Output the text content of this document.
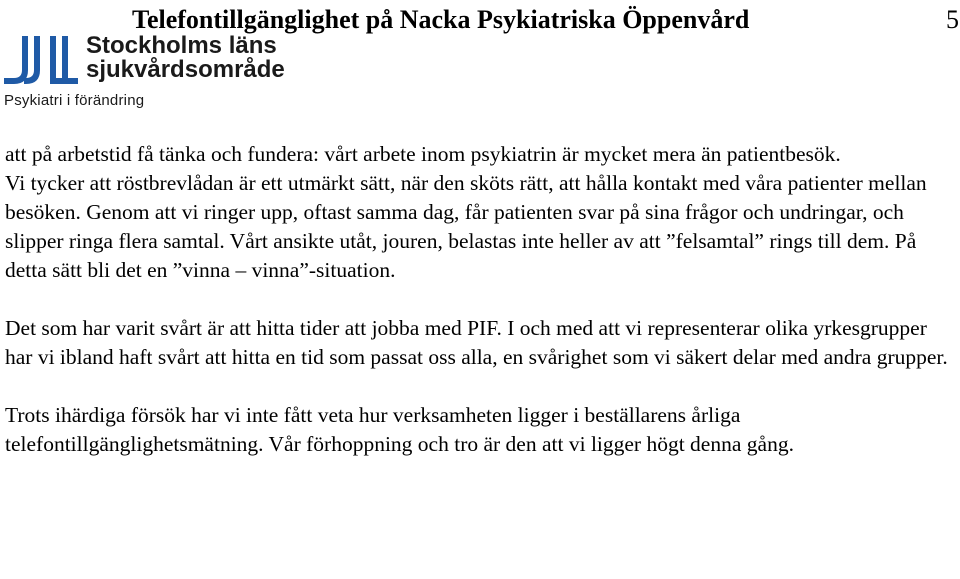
Telefontillgänglighet på Nacka Psykiatriska Öppenvård	5
Stockholms läns
sjukvårdsområde
Psykiatri i förändring

att på arbetstid få tänka och fundera: vårt arbete inom psykiatrin är mycket mera än patientbesök.

Vi tycker att röstbrevlådan är ett utmärkt sätt, när den sköts rätt, att hålla kontakt med våra patienter mellan besöken. Genom att vi ringer upp, oftast samma dag, får patienten svar på sina frågor och undringar, och slipper ringa flera samtal. Vårt ansikte utåt, jouren, belastas inte heller av att ”felsamtal” rings till dem. På detta sätt bli det en ”vinna – vinna”-situation.

Det som har varit svårt är att hitta tider att jobba med PIF. I och med att vi representerar olika yrkesgrupper har vi ibland haft svårt att hitta en tid som passat oss alla, en svårighet som vi säkert delar med andra grupper.

Trots ihärdiga försök har vi inte fått veta hur verksamheten ligger i beställarens årliga telefontillgänglighetsmätning. Vår förhoppning och tro är den att vi ligger högt denna gång.
